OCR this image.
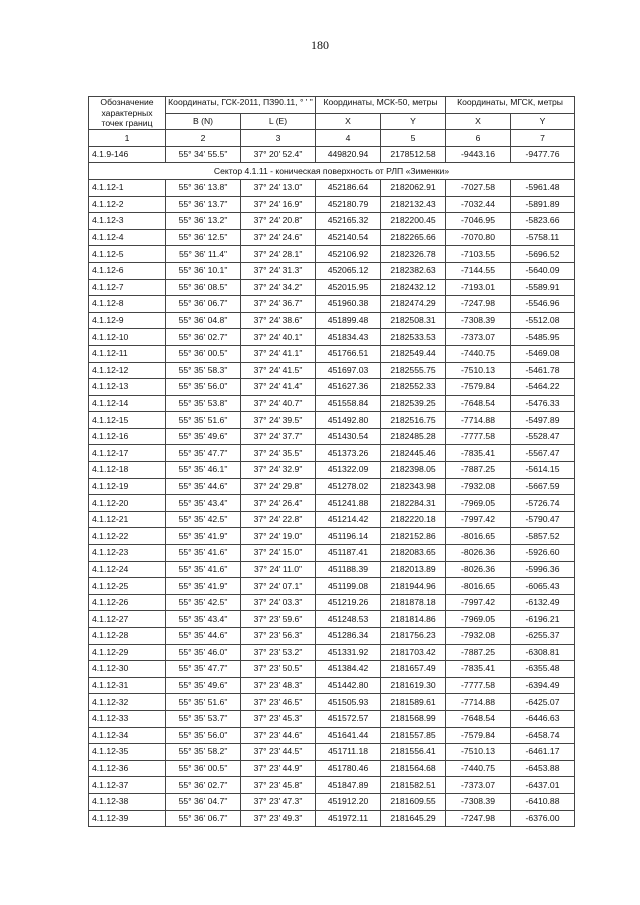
180
Обозначение характерных точек границ	Координаты, ГСК-2011, ПЗ90.11, ° ' "		Координаты, МСК-50, метры		Координаты, МГСК, метры	
	B (N)	L (E)	X	Y	X	Y
1	2	3	4	5	6	7
4.1.9-146	55° 34' 55.5"	37° 20' 52.4"	449820.94	2178512.58	-9443.16	-9477.76
Сектор 4.1.11 - коническая поверхность от РЛП «Зименки»						
4.1.12-1	55° 36' 13.8"	37° 24' 13.0"	452186.64	2182062.91	-7027.58	-5961.48
4.1.12-2	55° 36' 13.7"	37° 24' 16.9"	452180.79	2182132.43	-7032.44	-5891.89
4.1.12-3	55° 36' 13.2"	37° 24' 20.8"	452165.32	2182200.45	-7046.95	-5823.66
4.1.12-4	55° 36' 12.5"	37° 24' 24.6"	452140.54	2182265.66	-7070.80	-5758.11
4.1.12-5	55° 36' 11.4"	37° 24' 28.1"	452106.92	2182326.78	-7103.55	-5696.52
4.1.12-6	55° 36' 10.1"	37° 24' 31.3"	452065.12	2182382.63	-7144.55	-5640.09
4.1.12-7	55° 36' 08.5"	37° 24' 34.2"	452015.95	2182432.12	-7193.01	-5589.91
4.1.12-8	55° 36' 06.7"	37° 24' 36.7"	451960.38	2182474.29	-7247.98	-5546.96
4.1.12-9	55° 36' 04.8"	37° 24' 38.6"	451899.48	2182508.31	-7308.39	-5512.08
4.1.12-10	55° 36' 02.7"	37° 24' 40.1"	451834.43	2182533.53	-7373.07	-5485.95
4.1.12-11	55° 36' 00.5"	37° 24' 41.1"	451766.51	2182549.44	-7440.75	-5469.08
4.1.12-12	55° 35' 58.3"	37° 24' 41.5"	451697.03	2182555.75	-7510.13	-5461.78
4.1.12-13	55° 35' 56.0"	37° 24' 41.4"	451627.36	2182552.33	-7579.84	-5464.22
4.1.12-14	55° 35' 53.8"	37° 24' 40.7"	451558.84	2182539.25	-7648.54	-5476.33
4.1.12-15	55° 35' 51.6"	37° 24' 39.5"	451492.80	2182516.75	-7714.88	-5497.89
4.1.12-16	55° 35' 49.6"	37° 24' 37.7"	451430.54	2182485.28	-7777.58	-5528.47
4.1.12-17	55° 35' 47.7"	37° 24' 35.5"	451373.26	2182445.46	-7835.41	-5567.47
4.1.12-18	55° 35' 46.1"	37° 24' 32.9"	451322.09	2182398.05	-7887.25	-5614.15
4.1.12-19	55° 35' 44.6"	37° 24' 29.8"	451278.02	2182343.98	-7932.08	-5667.59
4.1.12-20	55° 35' 43.4"	37° 24' 26.4"	451241.88	2182284.31	-7969.05	-5726.74
4.1.12-21	55° 35' 42.5"	37° 24' 22.8"	451214.42	2182220.18	-7997.42	-5790.47
4.1.12-22	55° 35' 41.9"	37° 24' 19.0"	451196.14	2182152.86	-8016.65	-5857.52
4.1.12-23	55° 35' 41.6"	37° 24' 15.0"	451187.41	2182083.65	-8026.36	-5926.60
4.1.12-24	55° 35' 41.6"	37° 24' 11.0"	451188.39	2182013.89	-8026.36	-5996.36
4.1.12-25	55° 35' 41.9"	37° 24' 07.1"	451199.08	2181944.96	-8016.65	-6065.43
4.1.12-26	55° 35' 42.5"	37° 24' 03.3"	451219.26	2181878.18	-7997.42	-6132.49
4.1.12-27	55° 35' 43.4"	37° 23' 59.6"	451248.53	2181814.86	-7969.05	-6196.21
4.1.12-28	55° 35' 44.6"	37° 23' 56.3"	451286.34	2181756.23	-7932.08	-6255.37
4.1.12-29	55° 35' 46.0"	37° 23' 53.2"	451331.92	2181703.42	-7887.25	-6308.81
4.1.12-30	55° 35' 47.7"	37° 23' 50.5"	451384.42	2181657.49	-7835.41	-6355.48
4.1.12-31	55° 35' 49.6"	37° 23' 48.3"	451442.80	2181619.30	-7777.58	-6394.49
4.1.12-32	55° 35' 51.6"	37° 23' 46.5"	451505.93	2181589.61	-7714.88	-6425.07
4.1.12-33	55° 35' 53.7"	37° 23' 45.3"	451572.57	2181568.99	-7648.54	-6446.63
4.1.12-34	55° 35' 56.0"	37° 23' 44.6"	451641.44	2181557.85	-7579.84	-6458.74
4.1.12-35	55° 35' 58.2"	37° 23' 44.5"	451711.18	2181556.41	-7510.13	-6461.17
4.1.12-36	55° 36' 00.5"	37° 23' 44.9"	451780.46	2181564.68	-7440.75	-6453.88
4.1.12-37	55° 36' 02.7"	37° 23' 45.8"	451847.89	2181582.51	-7373.07	-6437.01
4.1.12-38	55° 36' 04.7"	37° 23' 47.3"	451912.20	2181609.55	-7308.39	-6410.88
4.1.12-39	55° 36' 06.7"	37° 23' 49.3"	451972.11	2181645.29	-7247.98	-6376.00
